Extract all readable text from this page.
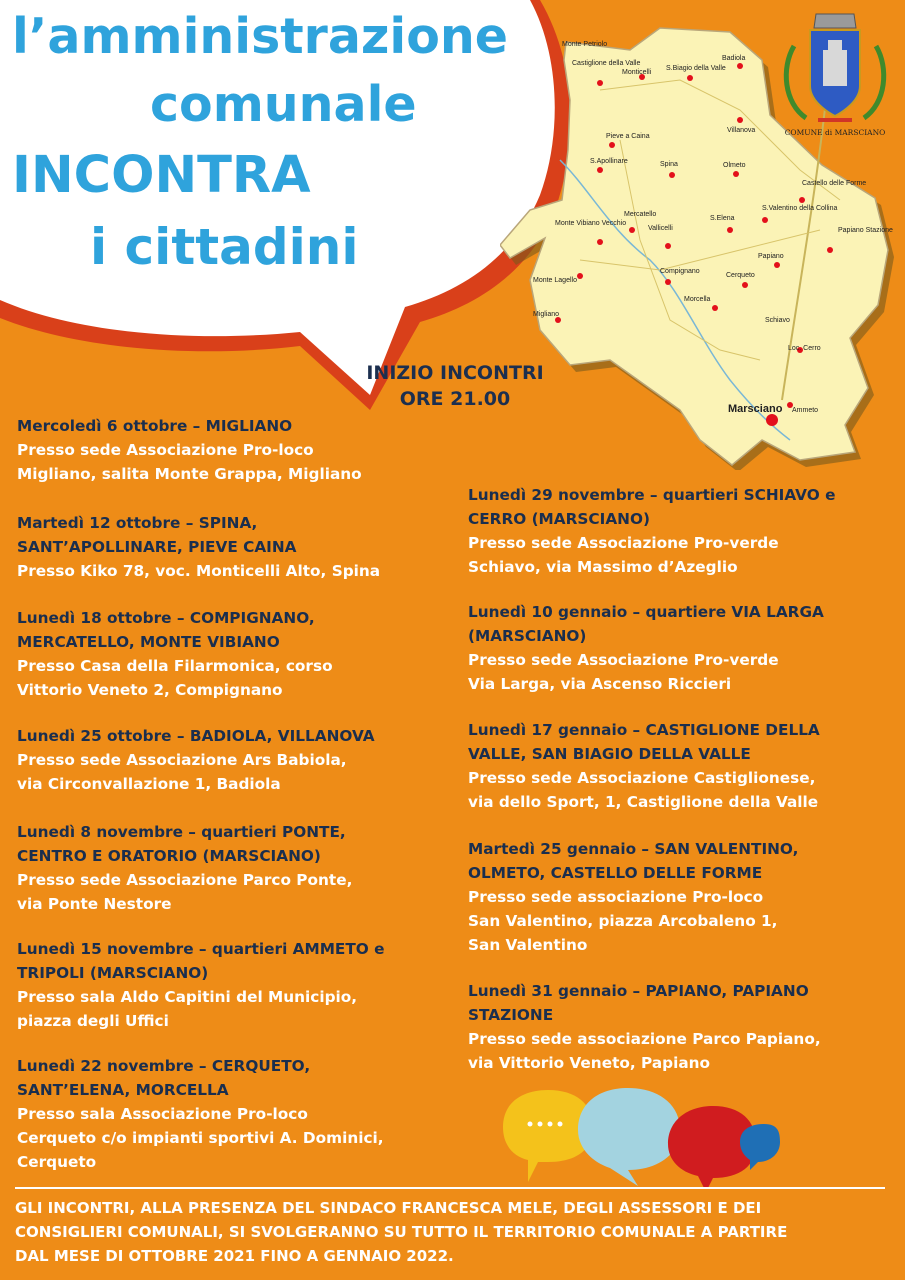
l’amministrazione
comunale
INCONTRA
i cittadini
Castiglione della Valle
Monticelli
S.Biagio della Valle
Badiola
Villanova
Pieve a Caina
S.Apollinare	Spina	Olmeto
Castello delle Forme
S.Valentino della Collina
Papiano Stazione
Monte Vibiano Vecchio
Mercatello
Vallicelli
S.Elena
Papiano
Monte Lagello
Compignano
Cerqueto
Morcella
Schiavo
Migliano
Loc. Cerro
Marsciano Ammeto
Monte Petriolo
COMUNE di MARSCIANO
INIZIO INCONTRI
ORE 21.00
Mercoledì 6 ottobre – MIGLIANO
Presso sede Associazione Pro-loco
Migliano, salita Monte Grappa, Migliano
Martedì 12 ottobre – SPINA,
SANT’APOLLINARE, PIEVE CAINA
Presso Kiko 78, voc. Monticelli Alto, Spina
Lunedì 18 ottobre – COMPIGNANO,
MERCATELLO, MONTE VIBIANO
Presso Casa della Filarmonica, corso
Vittorio Veneto 2, Compignano
Lunedì 25 ottobre – BADIOLA, VILLANOVA
Presso sede Associazione Ars Babiola,
via Circonvallazione 1, Badiola
Lunedì 8 novembre – quartieri PONTE,
CENTRO E ORATORIO (MARSCIANO)
Presso sede Associazione Parco Ponte,
via Ponte Nestore
Lunedì 15 novembre – quartieri AMMETO e
TRIPOLI (MARSCIANO)
Presso sala Aldo Capitini del Municipio,
piazza degli Uffici
Lunedì 22 novembre – CERQUETO,
SANT’ELENA, MORCELLA
Presso sala Associazione Pro-loco
Cerqueto c/o impianti sportivi A. Dominici,
Cerqueto
Lunedì 29 novembre – quartieri SCHIAVO e
CERRO (MARSCIANO)
Presso sede Associazione Pro-verde
Schiavo, via Massimo d’Azeglio
Lunedì 10 gennaio – quartiere VIA LARGA
(MARSCIANO)
Presso sede Associazione Pro-verde
Via Larga, via Ascenso Riccieri
Lunedì 17 gennaio – CASTIGLIONE DELLA
VALLE, SAN BIAGIO DELLA VALLE
Presso sede Associazione Castiglionese,
via dello Sport, 1, Castiglione della Valle
Martedì 25 gennaio – SAN VALENTINO,
OLMETO, CASTELLO DELLE FORME
Presso sede associazione Pro-loco
San Valentino, piazza Arcobaleno 1,
San Valentino
Lunedì 31 gennaio – PAPIANO, PAPIANO
STAZIONE
Presso sede associazione Parco Papiano,
via Vittorio Veneto, Papiano
GLI INCONTRI, ALLA PRESENZA DEL SINDACO FRANCESCA MELE, DEGLI ASSESSORI E DEI
CONSIGLIERI COMUNALI, SI SVOLGERANNO SU TUTTO IL TERRITORIO COMUNALE A PARTIRE
DAL MESE DI OTTOBRE 2021 FINO A GENNAIO 2022.
